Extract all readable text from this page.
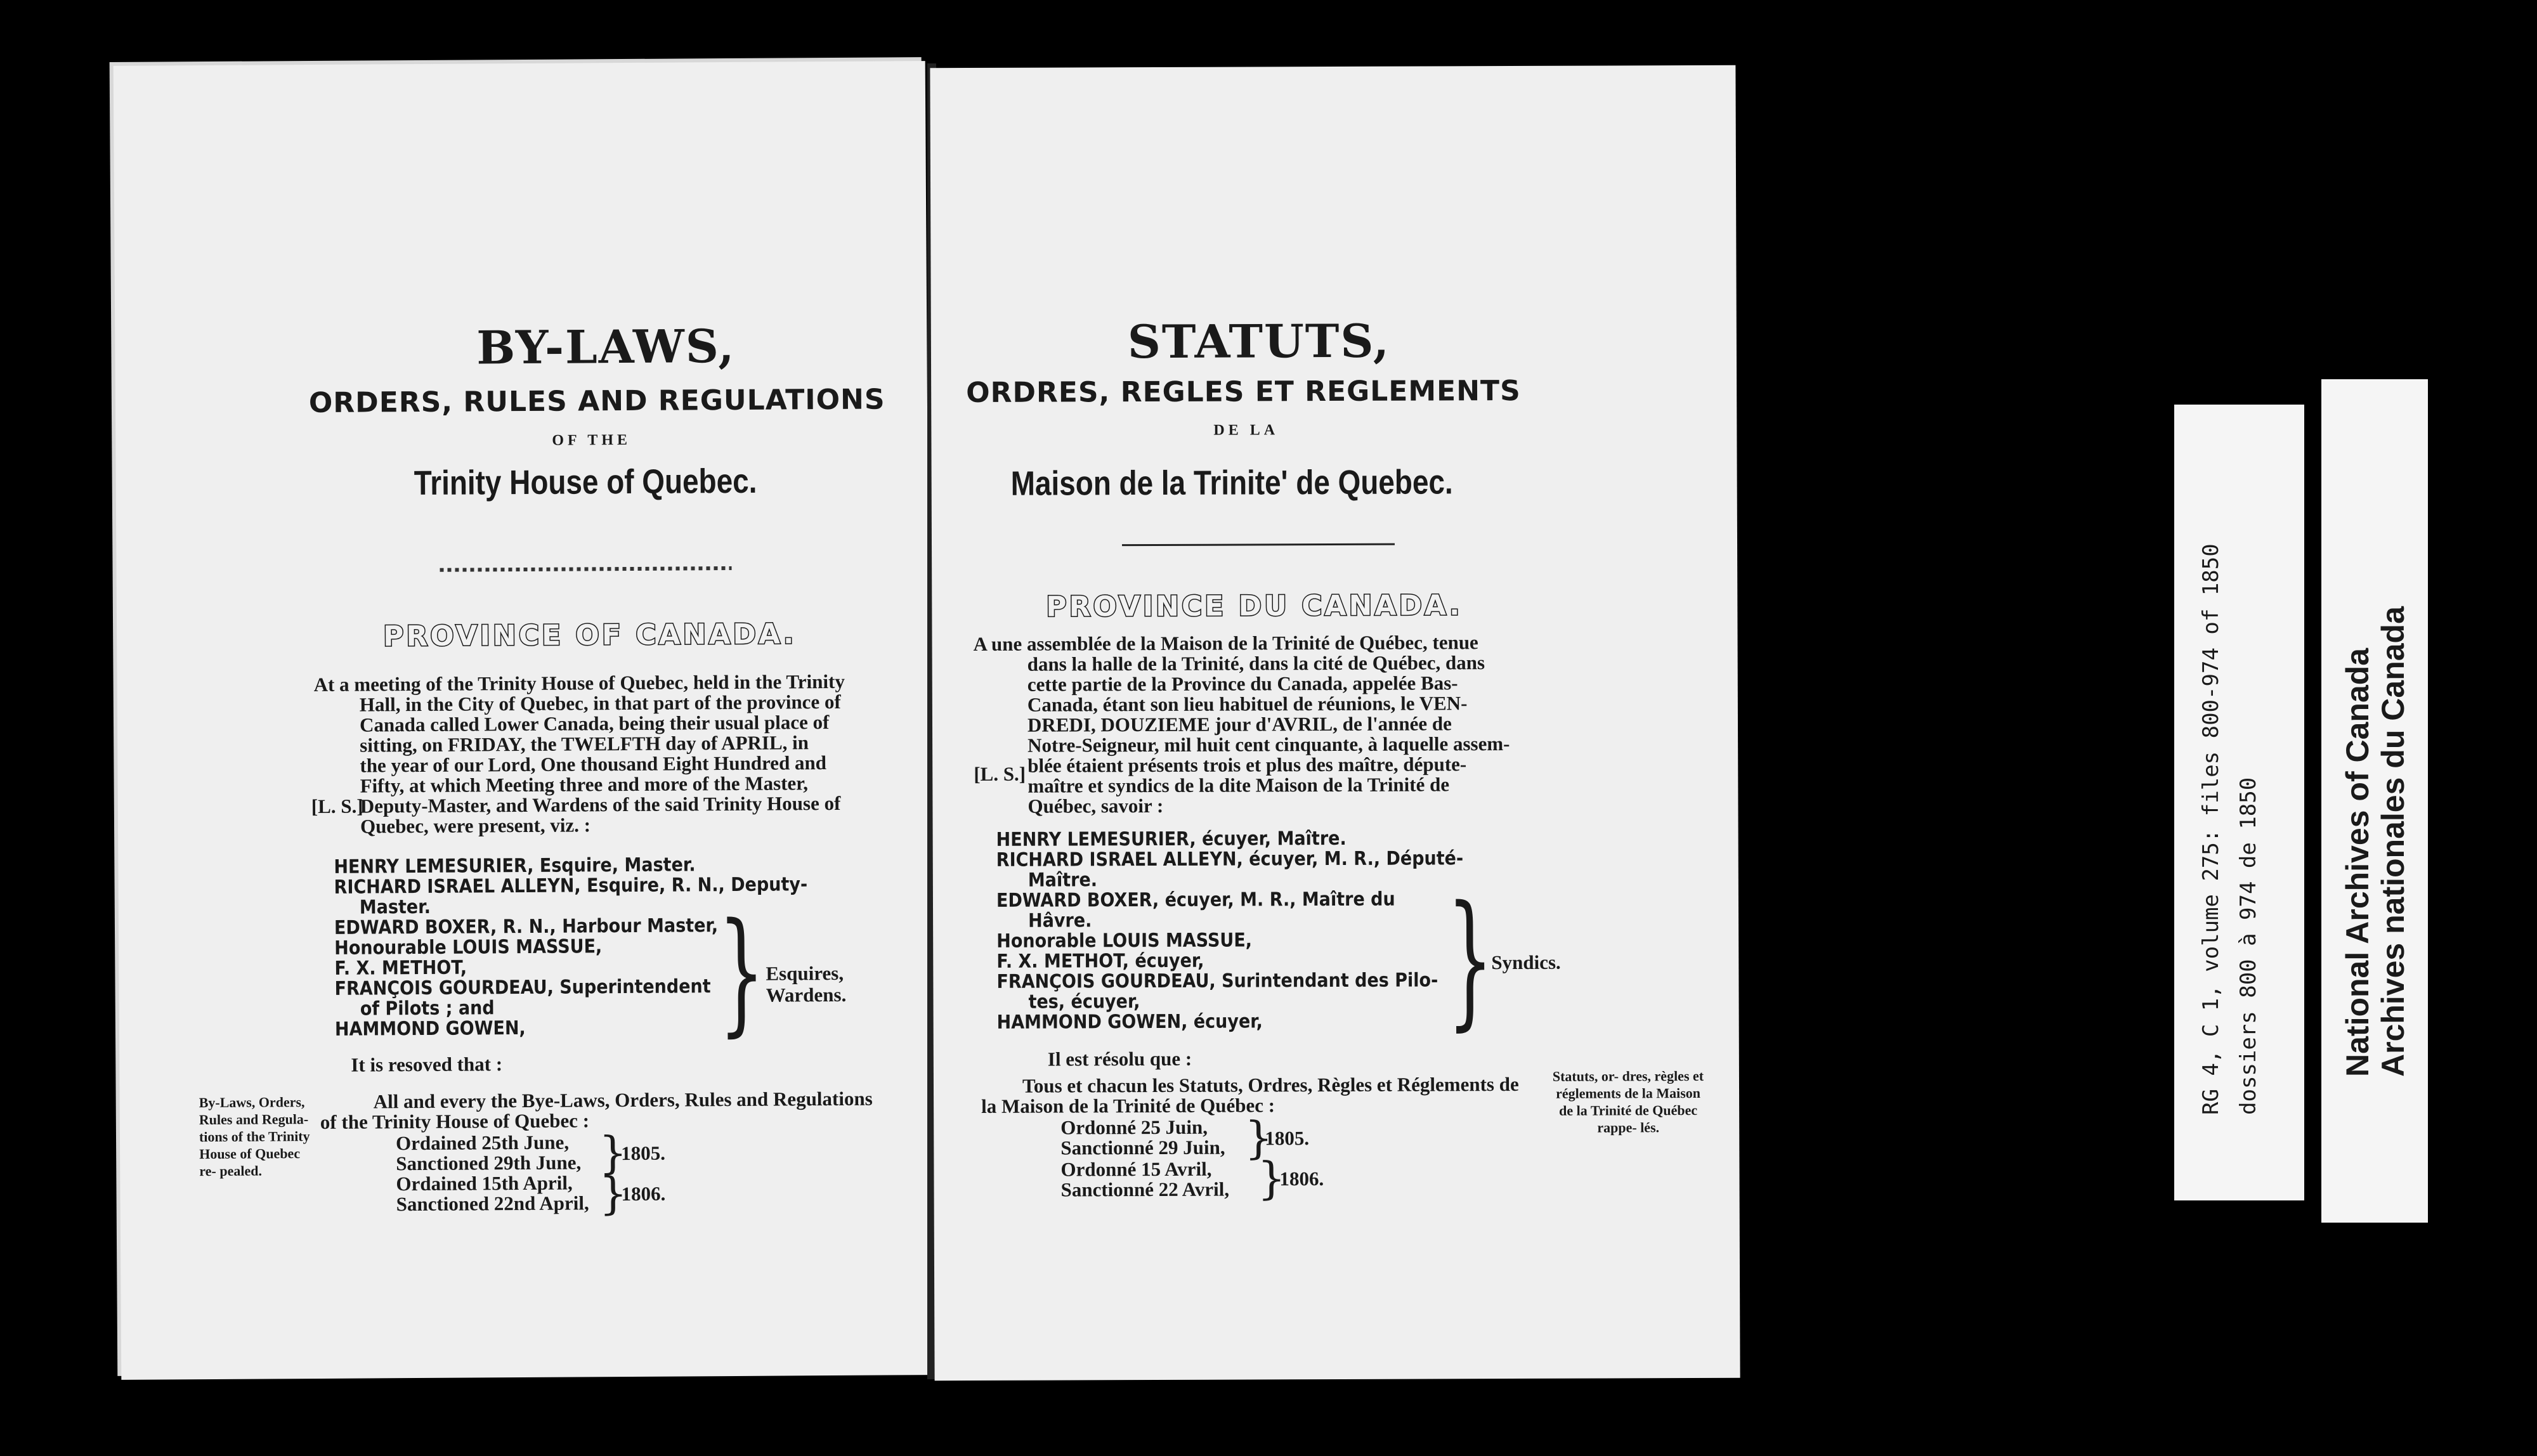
BY-LAWS,
ORDERS, RULES AND REGULATIONS
OF THE
Trinity House of Quebec.
PROVINCE OF CANADA.
At a meeting of the Trinity House of Quebec, held in the Trinity
Hall, in the City of Quebec, in that part of the province of
Canada called Lower Canada, being their usual place of
sitting, on FRIDAY, the TWELFTH day of APRIL, in
the year of our Lord, One thousand Eight Hundred and
Fifty, at which Meeting three and more of the Master,
Deputy-Master, and Wardens of the said Trinity House of
Quebec, were present, viz. :
[L. S.]
HENRY LEMESURIER, Esquire, Master.
RICHARD ISRAEL ALLEYN, Esquire, R. N., Deputy-
Master.
EDWARD BOXER, R. N., Harbour Master,
Honourable LOUIS MASSUE,
F. X. METHOT,
FRANÇOIS GOURDEAU, Superintendent
of Pilots ; and
HAMMOND GOWEN, } Esquires,
Wardens.
It is resoved that :
All and every the Bye-Laws, Orders, Rules and Regulations
of the Trinity House of Quebec :
Ordained 25th June,
Sanctioned 29th June,
Ordained 15th April,
Sanctioned 22nd April,
}
}
1805.
1806.
By-Laws, Orders, Rules and Regula- tions of the Trinity House of Quebec re- pealed.
STATUTS,
ORDRES, REGLES ET REGLEMENTS
DE LA
Maison de la Trinite' de Quebec.
PROVINCE DU CANADA.
A une assemblée de la Maison de la Trinité de Québec, tenue
dans la halle de la Trinité, dans la cité de Québec, dans
cette partie de la Province du Canada, appelée Bas-
Canada, étant son lieu habituel de réunions, le VEN-
DREDI, DOUZIEME jour d'AVRIL, de l'année de
Notre-Seigneur, mil huit cent cinquante, à laquelle assem-
blée étaient présents trois et plus des maître, députe-
maître et syndics de la dite Maison de la Trinité de
Québec, savoir :
[L. S.]
HENRY LEMESURIER, écuyer, Maître.
RICHARD ISRAEL ALLEYN, écuyer, M. R., Député-
Maître.
EDWARD BOXER, écuyer, M. R., Maître du
Hâvre.
Honorable LOUIS MASSUE,
F. X. METHOT, écuyer,
FRANÇOIS GOURDEAU, Surintendant des Pilo-
tes, écuyer,
HAMMOND GOWEN, écuyer, }
Syndics.
Il est résolu que :
Tous et chacun les Statuts, Ordres, Règles et Réglements de
la Maison de la Trinité de Québec :
Ordonné 25 Juin,
Sanctionné 29 Juin,
Ordonné 15 Avril,
Sanctionné 22 Avril,
}
}
1805.
1806.
Statuts, or- dres, règles et réglements de la Maison de la Trinité de Québec rappe- lés.
RG 4, C 1, volume 275: files 800-974 of 1850 dossiers 800 à 974 de 1850 National Archives of Canada Archives nationales du Canada
